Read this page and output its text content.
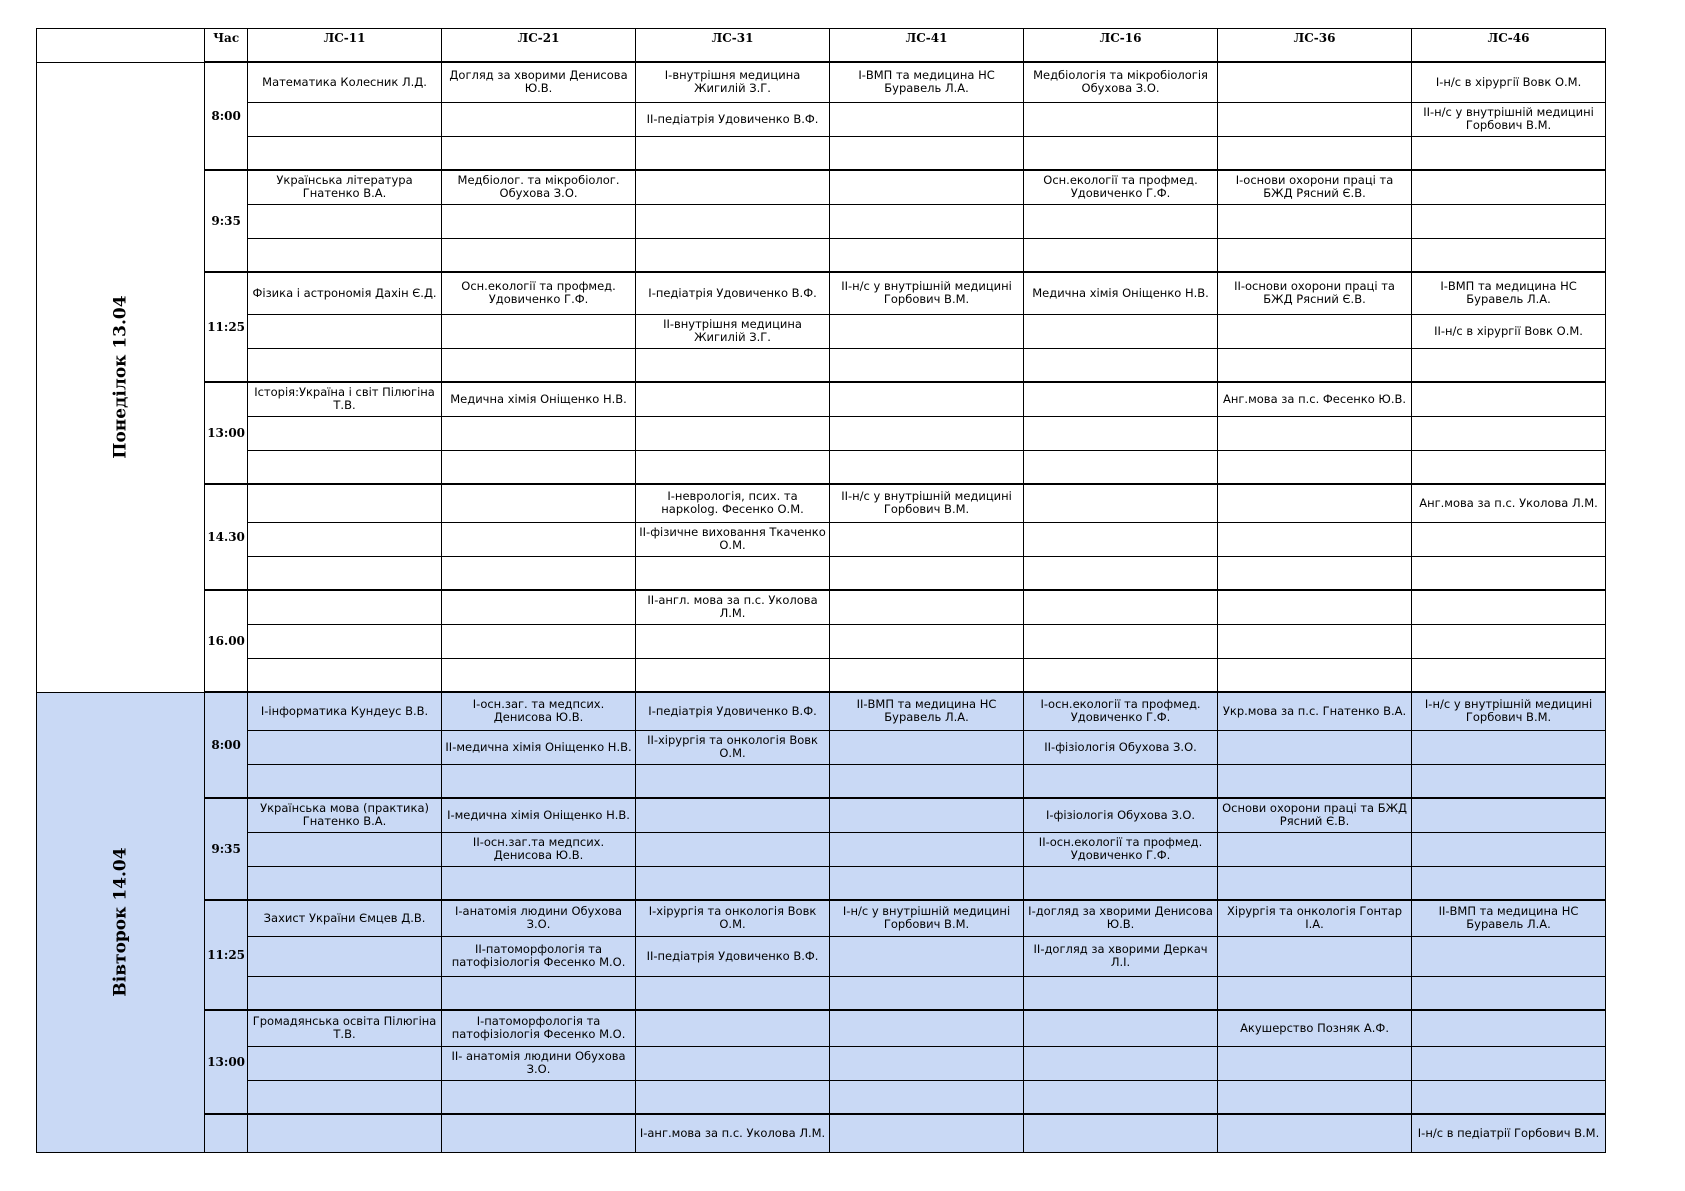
	Час	ЛС-11	ЛС-21	ЛС-31	ЛС-41	ЛС-16	ЛС-36	ЛС-46
Понеділок 13.04	8:00	Математика Колесник Л.Д.	Догляд за хворими Денисова Ю.В.	I-внутрішня медицина Жигилій З.Г.	I-ВМП та медицина НС Буравель Л.А.	Медбіологія та мікробіологія Обухова З.О.		I-н/с в хірургії Вовк О.М.
				II-педіатрія Удовиченко В.Ф.				II-н/с у внутрішній медицині Горбович В.М.

	9:35	Українська література Гнатенко В.А.	Медбіолог. та мікробіолог. Обухова З.О.			Осн.екології та профмед. Удовиченко Г.Ф.	I-основи охорони праці та БЖД Рясний Є.В.	

	11:25	Фізика і астрономія Дахін Є.Д.	Осн.екології та профмед. Удовиченко Г.Ф.	I-педіатрія Удовиченко В.Ф.	II-н/с у внутрішній медицині Горбович В.М.	Медична хімія Оніщенко Н.В.	II-основи охорони праці та БЖД Рясний Є.В.	I-ВМП та медицина НС Буравель Л.А.
				II-внутрішня медицина Жигилій З.Г.				II-н/с в хірургії Вовк О.М.

	13:00	Історія:Україна і світ Пілюгіна Т.В.	Медична хімія Оніщенко Н.В.				Анг.мова за п.с. Фесенко Ю.В.	

	14.30			I-неврологія, псих. та наркolog. Фесенко О.М.	II-н/с у внутрішній медицині Горбович В.М.			Анг.мова за п.с. Уколова Л.М.
				II-фізичне виховання Ткаченко О.М.				

	16.00			II-англ. мова за п.с. Уколова Л.М.				

Вівторок 14.04	8:00	I-інформатика Кундеус В.В.	I-осн.заг. та медпсих. Денисова Ю.В.	I-педіатрія Удовиченко В.Ф.	II-ВМП та медицина НС Буравель Л.А.	I-осн.екології та профмед. Удовиченко Г.Ф.	Укр.мова за п.с. Гнатенко В.А.	I-н/с у внутрішній медицині Горбович В.М.
			II-медична хімія Оніщенко Н.В.	II-хірургія та онкологія Вовк О.М.		II-фізіологія Обухова З.О.		

	9:35	Українська мова (практика) Гнатенко В.А.	I-медична хімія Оніщенко Н.В.			I-фізіологія Обухова З.О.	Основи охорони праці та БЖД Рясний Є.В.	
			II-осн.заг.та медпсих. Денисова Ю.В.			II-осн.екології та профмед. Удовиченко Г.Ф.		

	11:25	Захист України Ємцев Д.В.	I-анатомія людини Обухова З.О.	I-хірургія та онкологія Вовк О.М.	I-н/с у внутрішній медицині Горбович В.М.	I-догляд за хворими Денисова Ю.В.	Хірургія та онкологія Гонтар І.А.	II-ВМП та медицина НС Буравель Л.А.
			II-патоморфологія та патофізіологія Фесенко М.О.	II-педіатрія Удовиченко В.Ф.		II-догляд за хворими Деркач Л.І.		

	13:00	Громадянська освіта Пілюгіна Т.В.	I-патоморфологія та патофізіологія Фесенко М.О.				Акушерство Позняк А.Ф.	
			II- анатомія людини Обухова З.О.					

				I-анг.мова за п.с. Уколова Л.М.				I-н/с в педіатрії Горбович В.М.
